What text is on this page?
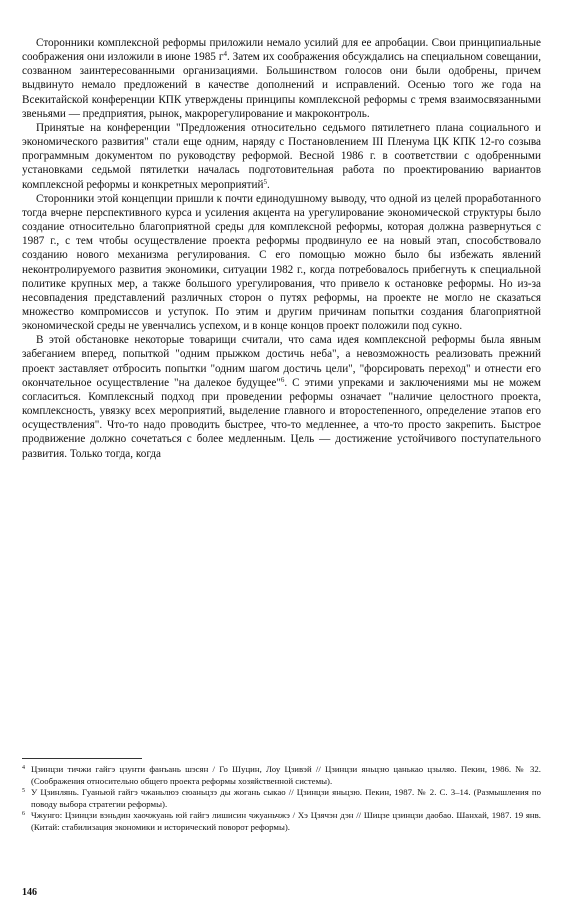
Сторонники комплексной реформы приложили немало усилий для ее апробации. Свои принципиальные соображения они изложили в июне 1985 $г^4$. Затем их соображения обсуждались на специальном совещании, созванном заинтересованными организациями. Большинством голосов они были одобрены, причем выдвинуто немало предложений в качестве дополнений и исправлений. Осенью того же года на Всекитайской конференции КПК утверждены принципы комплексной реформы с тремя взаимосвязанными звеньями — предприятия, рынок, макрорегулирование и макроконтроль.

Принятые на конференции "Предложения относительно седьмого пятилетнего плана социального и экономического развития" стали еще одним, наряду с Постановлением III Пленума ЦК КПК 12-го созыва программным документом по руководству реформой. Весной 1986 г. в соответствии с одобренными установками седьмой пятилетки началась подготовительная работа по проектированию вариантов комплексной реформы и конкретных мероприятий$^5$.

Сторонники этой концепции пришли к почти единодушному выводу, что одной из целей проработанного тогда вчерне перспективного курса и усиления акцента на урегулирование экономической структуры было создание относительно благоприятной среды для комплексной реформы, которая должна развернуться с 1987 г., с тем чтобы осуществление проекта реформы продвинуло ее на новый этап, способствовало созданию нового механизма регулирования. С его помощью можно было бы избежать явлений неконтролируемого развития экономики, ситуации 1982 г., когда потребовалось прибегнуть к специальной политике крупных мер, а также большого урегулирования, что привело к остановке реформы. Но из-за несовпадения представлений различных сторон о путях реформы, на проекте не могло не сказаться множество компромиссов и уступок. По этим и другим причинам попытки создания благоприятной экономической среды не увенчались успехом, и в конце концов проект положили под сукно.

В этой обстановке некоторые товарищи считали, что сама идея комплексной реформы была явным забеганием вперед, попыткой "одним прыжком достичь неба", а невозможность реализовать прежний проект заставляет отбросить попытки "одним шагом достичь цели", "форсировать переход" и отнести его окончательное осуществление "на далекое будущее"$^6$. С этими упреками и заключениями мы не можем согласиться. Комплексный подход при проведении реформы означает "наличие целостного проекта, комплексность, увязку всех мероприятий, выделение главного и второстепенного, определение этапов его осуществления". Что-то надо проводить быстрее, что-то медленнее, а что-то просто закрепить. Быстрое продвижение должно сочетаться с более медленным. Цель — достижение устойчивого поступательного развития. Только тогда, когда

4 Цзинцзи тичжи гайгэ цзунти фанъань шэсян / Го Шуцин, Лоу Цзивэй // Цзинцзи яньцзю цанькао цзыляо. Пекин, 1986. № 32. (Соображения относительно общего проекта реформы хозяйственной системы).

5 У Цзинлянь. Гуаньюй гайгэ чжаньлюэ сюаньцзэ ды жогань сыкао // Цзинцзи яньцзю. Пекин, 1987. № 2. С. 3–14. (Размышления по поводу выбора стратегии реформы).

6 Чжунго: Цзинцзи вэньдин хаочжуань юй гайгэ лишисин чжуаньчжэ / Хэ Цзячэн дэн // Шицзе цзинцзи даобао. Шанхай, 1987. 19 янв. (Китай: стабилизация экономики и исторический поворот реформы).

146
